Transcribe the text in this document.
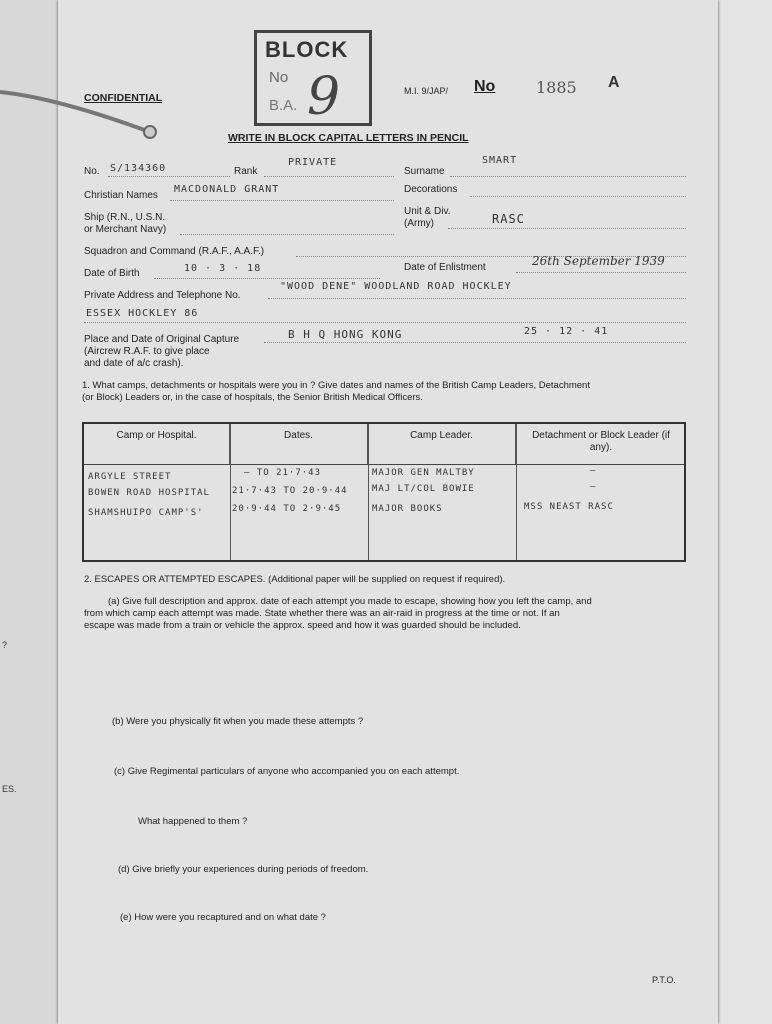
?
ES.
CONFIDENTIAL
BLOCK
No
B.A. 9	M.I. 9/JAP/ No	1885 A
WRITE IN BLOCK CAPITAL LETTERS IN PENCIL
No. S/134360	Rank
PRIVATE
Surname
SMART
Christian Names
MACDONALD GRANT	Decorations
Ship (R.N., U.S.N.
or Merchant Navy)
Unit & Div.
(Army)	RASC
Squadron and Command (R.A.F., A.A.F.)
Date of Birth	10 · 3 · 18	Date of Enlistment	26th September 1939
Private Address and Telephone No.
"WOOD DENE" WOODLAND ROAD HOCKLEY
ESSEX HOCKLEY 86
Place and Date of Original Capture
(Aircrew R.A.F. to give place
and date of a/c crash).
B H Q HONG KONG	25 · 12 · 41
1. What camps, detachments or hospitals were you in ? Give dates and names of the British Camp Leaders, Detachment
(or Block) Leaders or, in the case of hospitals, the Senior British Medical Officers.
Camp or Hospital.	Dates.	Camp Leader.	Detachment or Block Leader (if any).
ARGYLE STREET	– TO 21·7·43	MAJOR GEN MALTBY	–
BOWEN ROAD HOSPITAL 21·7·43 TO 20·9·44	MAJ LT/COL BOWIE	–
SHAMSHUIPO CAMP'S'	20·9·44 TO 2·9·45	MAJOR BOOKS	MSS NEAST RASC
2. ESCAPES OR ATTEMPTED ESCAPES. (Additional paper will be supplied on request if required).
(a) Give full description and approx. date of each attempt you made to escape, showing how you left the camp, and
from which camp each attempt was made. State whether there was an air-raid in progress at the time or not. If an
escape was made from a train or vehicle the approx. speed and how it was guarded should be included.
(b) Were you physically fit when you made these attempts ?
(c) Give Regimental particulars of anyone who accompanied you on each attempt.
What happened to them ?
(d) Give briefly your experiences during periods of freedom.
(e) How were you recaptured and on what date ?
P.T.O.
